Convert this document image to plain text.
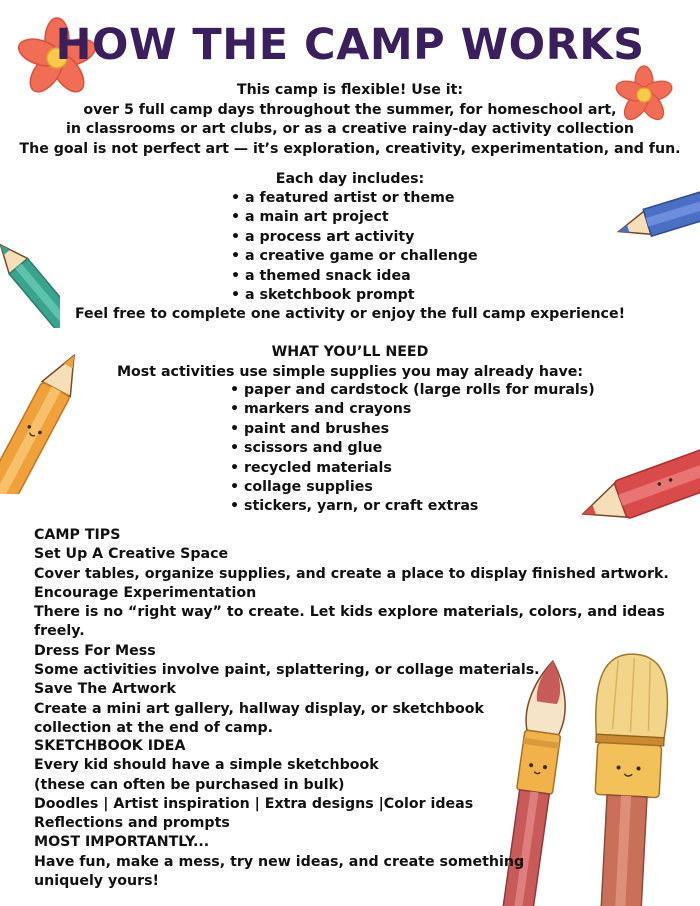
HOW THE CAMP WORKS

This camp is flexible! Use it:

over 5 full camp days throughout the summer, for homeschool art,

in classrooms or art clubs, or as a creative rainy-day activity collection

The goal is not perfect art — it’s exploration, creativity, experimentation, and fun.

Each day includes:

• a featured artist or theme
• a main art project
• a process art activity
• a creative game or challenge
• a themed snack idea
• a sketchbook prompt

Feel free to complete one activity or enjoy the full camp experience!

WHAT YOU’LL NEED

Most activities use simple supplies you may already have:

• paper and cardstock (large rolls for murals)
• markers and crayons
• paint and brushes
• scissors and glue
• recycled materials
• collage supplies
• stickers, yarn, or craft extras

CAMP TIPS

Set Up A Creative Space

Cover tables, organize supplies, and create a place to display finished artwork.

Encourage Experimentation

There is no “right way” to create. Let kids explore materials, colors, and ideas freely.

Dress For Mess

Some activities involve paint, splattering, or collage materials.

Save The Artwork

Create a mini art gallery, hallway display, or sketchbook

collection at the end of camp.

SKETCHBOOK IDEA

Every kid should have a simple sketchbook

(these can often be purchased in bulk)

Doodles | Artist inspiration | Extra designs |Color ideas

Reflections and prompts

MOST IMPORTANTLY...

Have fun, make a mess, try new ideas, and create something

uniquely yours!
